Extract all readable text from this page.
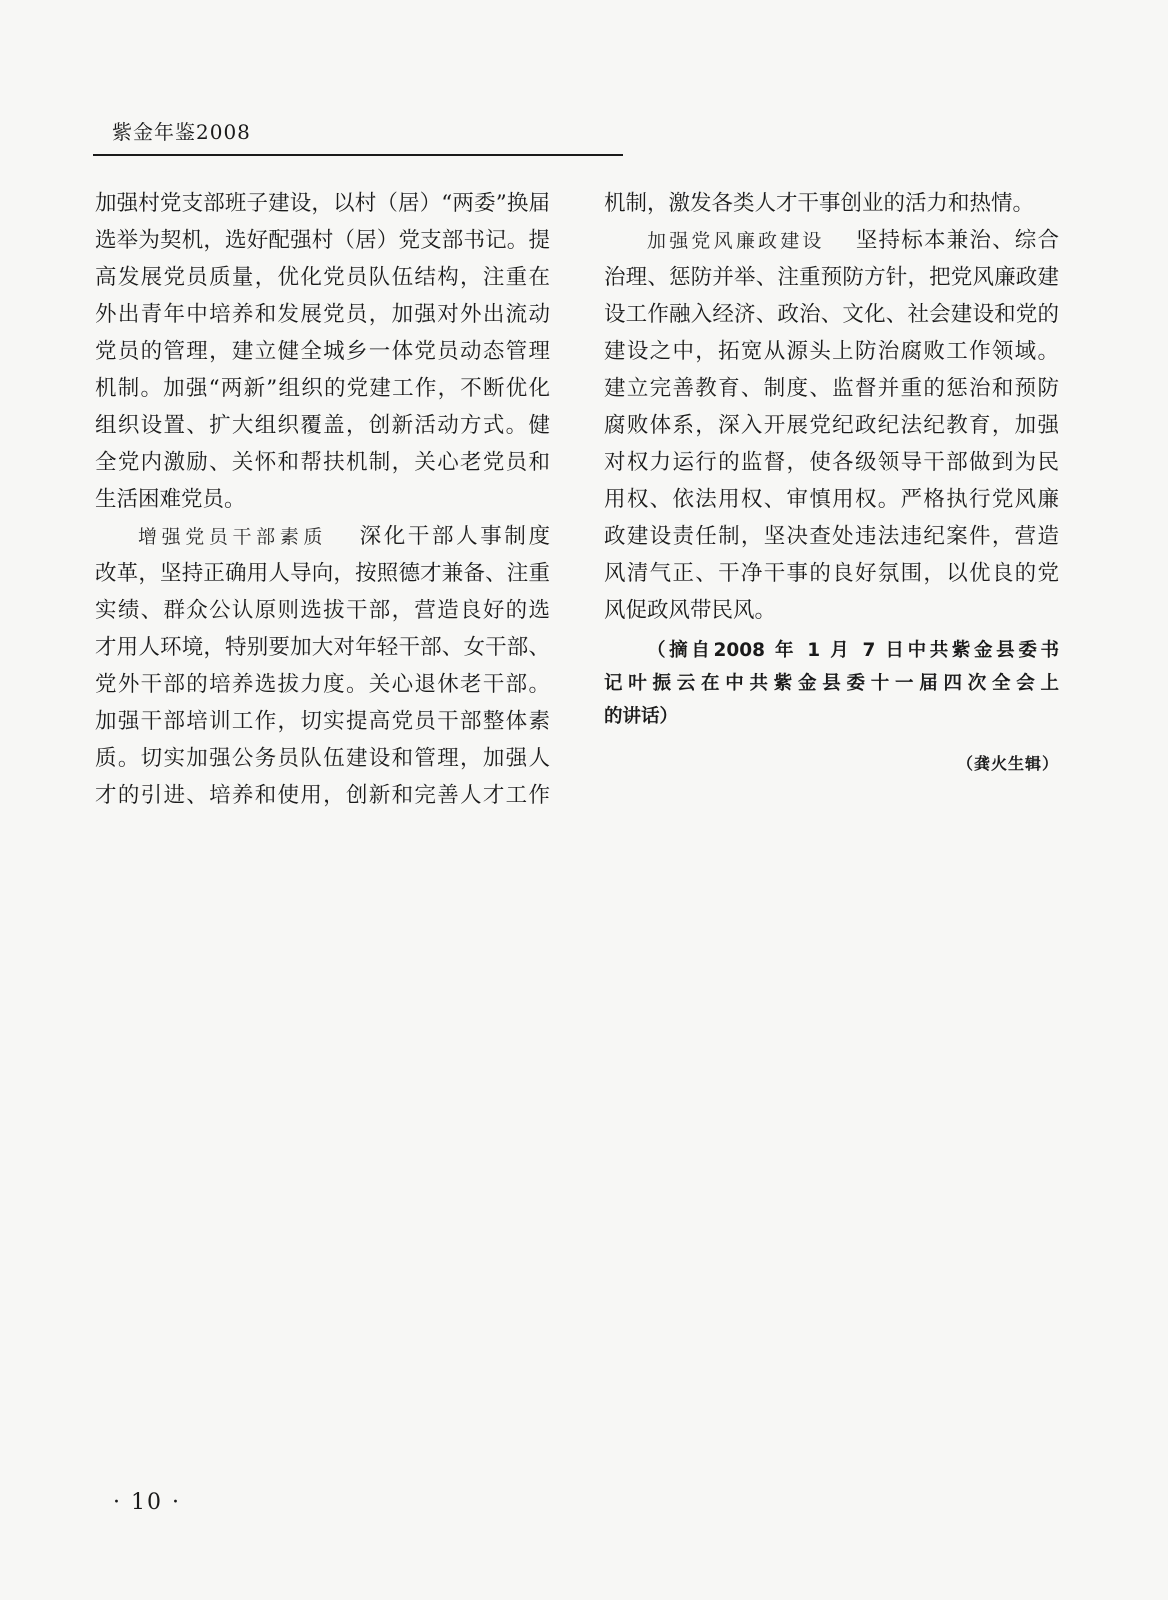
紫金年鉴2008
加强村党支部班子建设，以村（居）“两委”换届
选举为契机，选好配强村（居）党支部书记。提
高发展党员质量，优化党员队伍结构，注重在
外出青年中培养和发展党员，加强对外出流动
党员的管理，建立健全城乡一体党员动态管理
机制。加强“两新”组织的党建工作，不断优化
组织设置、扩大组织覆盖，创新活动方式。健
全党内激励、关怀和帮扶机制，关心老党员和
生活困难党员。
增强党员干部素质 深化干部人事制度
改革，坚持正确用人导向，按照德才兼备、注重
实绩、群众公认原则选拔干部，营造良好的选
才用人环境，特别要加大对年轻干部、女干部、
党外干部的培养选拔力度。关心退休老干部。
加强干部培训工作，切实提高党员干部整体素
质。切实加强公务员队伍建设和管理，加强人
才的引进、培养和使用，创新和完善人才工作
机制，激发各类人才干事创业的活力和热情。
加强党风廉政建设 坚持标本兼治、综合
治理、惩防并举、注重预防方针，把党风廉政建
设工作融入经济、政治、文化、社会建设和党的
建设之中，拓宽从源头上防治腐败工作领域。
建立完善教育、制度、监督并重的惩治和预防
腐败体系，深入开展党纪政纪法纪教育，加强
对权力运行的监督，使各级领导干部做到为民
用权、依法用权、审慎用权。严格执行党风廉
政建设责任制，坚决查处违法违纪案件，营造
风清气正、干净干事的良好氛围，以优良的党
风促政风带民风。
（摘自2008 年 1 月 7 日中共紫金县委书
记叶振云在中共紫金县委十一届四次全会上
的讲话）
（龚火生辑）
· 10 ·
